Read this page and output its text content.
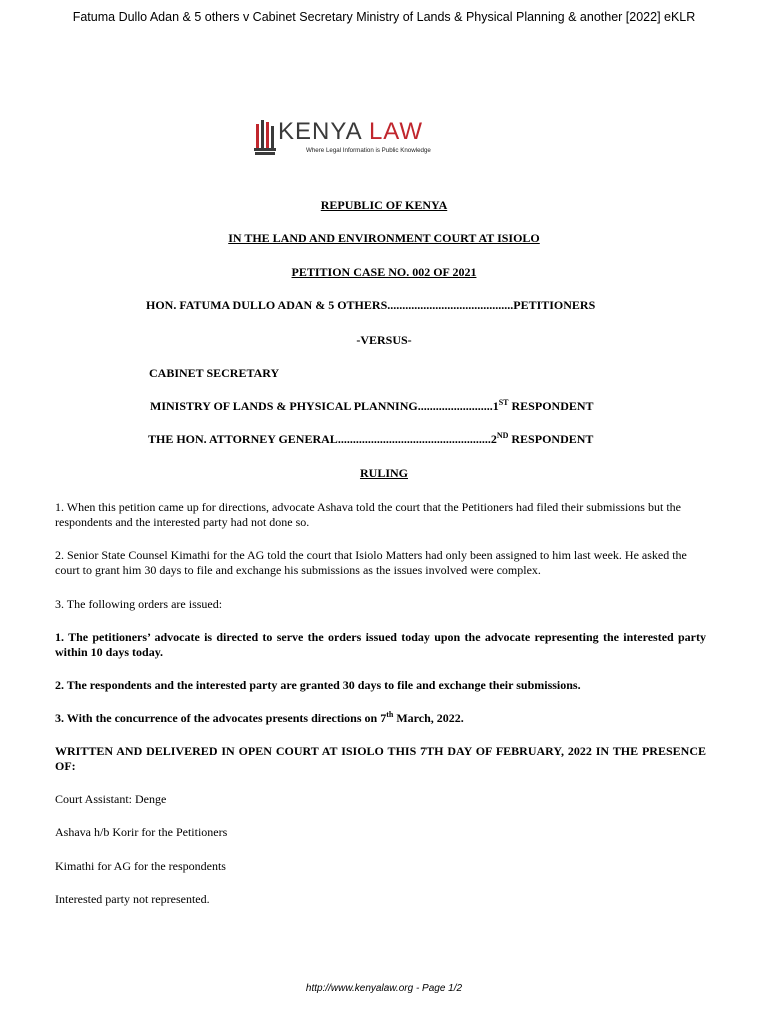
Fatuma Dullo Adan & 5 others v Cabinet Secretary Ministry of Lands & Physical Planning & another [2022] eKLR
KENYA LAW
Where Legal Information is Public Knowledge
REPUBLIC OF KENYA
IN THE LAND AND ENVIRONMENT COURT AT ISIOLO
PETITION CASE NO. 002 OF 2021
HON. FATUMA DULLO ADAN & 5 OTHERS..........................................PETITIONERS
-VERSUS-
CABINET SECRETARY
MINISTRY OF LANDS & PHYSICAL PLANNING.........................1ST RESPONDENT
THE HON. ATTORNEY GENERAL...................................................2ND RESPONDENT
RULING
1. When this petition came up for directions, advocate Ashava told the court that the Petitioners had filed their submissions but the respondents and the interested party had not done so.
2. Senior State Counsel Kimathi for the AG told the court that Isiolo Matters had only been assigned to him last week. He asked the court to grant him 30 days to file and exchange his submissions as the issues involved were complex.
3. The following orders are issued:
1. The petitioners’ advocate is directed to serve the orders issued today upon the advocate representing the interested party within 10 days today.
2. The respondents and the interested party are granted 30 days to file and exchange their submissions.
3. With the concurrence of the advocates presents directions on 7th March, 2022.
WRITTEN AND DELIVERED IN OPEN COURT AT ISIOLO THIS 7TH DAY OF FEBRUARY, 2022 IN THE PRESENCE OF:
Court Assistant: Denge
Ashava h/b Korir for the Petitioners
Kimathi for AG for the respondents
Interested party not represented.
http://www.kenyalaw.org - Page 1/2
